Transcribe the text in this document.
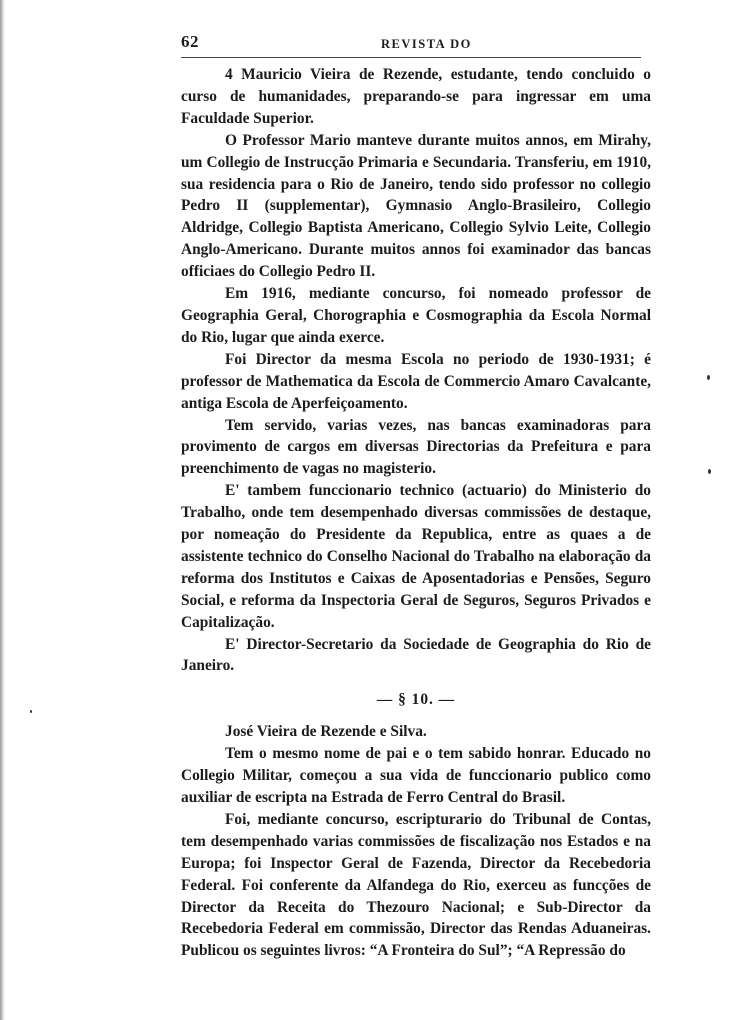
62	REVISTA DO

4 Mauricio Vieira de Rezende, estudante, tendo concluido o curso de humanidades, preparando-se para ingressar em uma Faculdade Superior.

O Professor Mario manteve durante muitos annos, em Mirahy, um Collegio de Instrucção Primaria e Secundaria. Transferiu, em 1910, sua residencia para o Rio de Janeiro, tendo sido professor no collegio Pedro II (supplementar), Gymnasio Anglo-Brasileiro, Collegio Aldridge, Collegio Baptista Americano, Collegio Sylvio Leite, Collegio Anglo-Americano. Durante muitos annos foi examinador das bancas officiaes do Collegio Pedro II.

Em 1916, mediante concurso, foi nomeado professor de Geographia Geral, Chorographia e Cosmographia da Escola Normal do Rio, lugar que ainda exerce.

Foi Director da mesma Escola no periodo de 1930-1931; é professor de Mathematica da Escola de Commercio Amaro Cavalcante, antiga Escola de Aperfeiçoamento.

Tem servido, varias vezes, nas bancas examinadoras para provimento de cargos em diversas Directorias da Prefeitura e para preenchimento de vagas no magisterio.

E' tambem funccionario technico (actuario) do Ministerio do Trabalho, onde tem desempenhado diversas commissões de destaque, por nomeação do Presidente da Republica, entre as quaes a de assistente technico do Conselho Nacional do Trabalho na elaboração da reforma dos Institutos e Caixas de Aposentadorias e Pensões, Seguro Social, e reforma da Inspectoria Geral de Seguros, Seguros Privados e Capitalização.

E' Director-Secretario da Sociedade de Geographia do Rio de Janeiro.

— § 10. —

José Vieira de Rezende e Silva.

Tem o mesmo nome de pai e o tem sabido honrar. Educado no Collegio Militar, começou a sua vida de funccionario publico como auxiliar de escripta na Estrada de Ferro Central do Brasil.

Foi, mediante concurso, escripturario do Tribunal de Contas, tem desempenhado varias commissões de fiscalização nos Estados e na Europa; foi Inspector Geral de Fazenda, Director da Recebedoria Federal. Foi conferente da Alfandega do Rio, exerceu as funcções de Director da Receita do Thezouro Nacional; e Sub-Director da Recebedoria Federal em commissão, Director das Rendas Aduaneiras. Publicou os seguintes livros: “A Fronteira do Sul”; “A Repressão do
